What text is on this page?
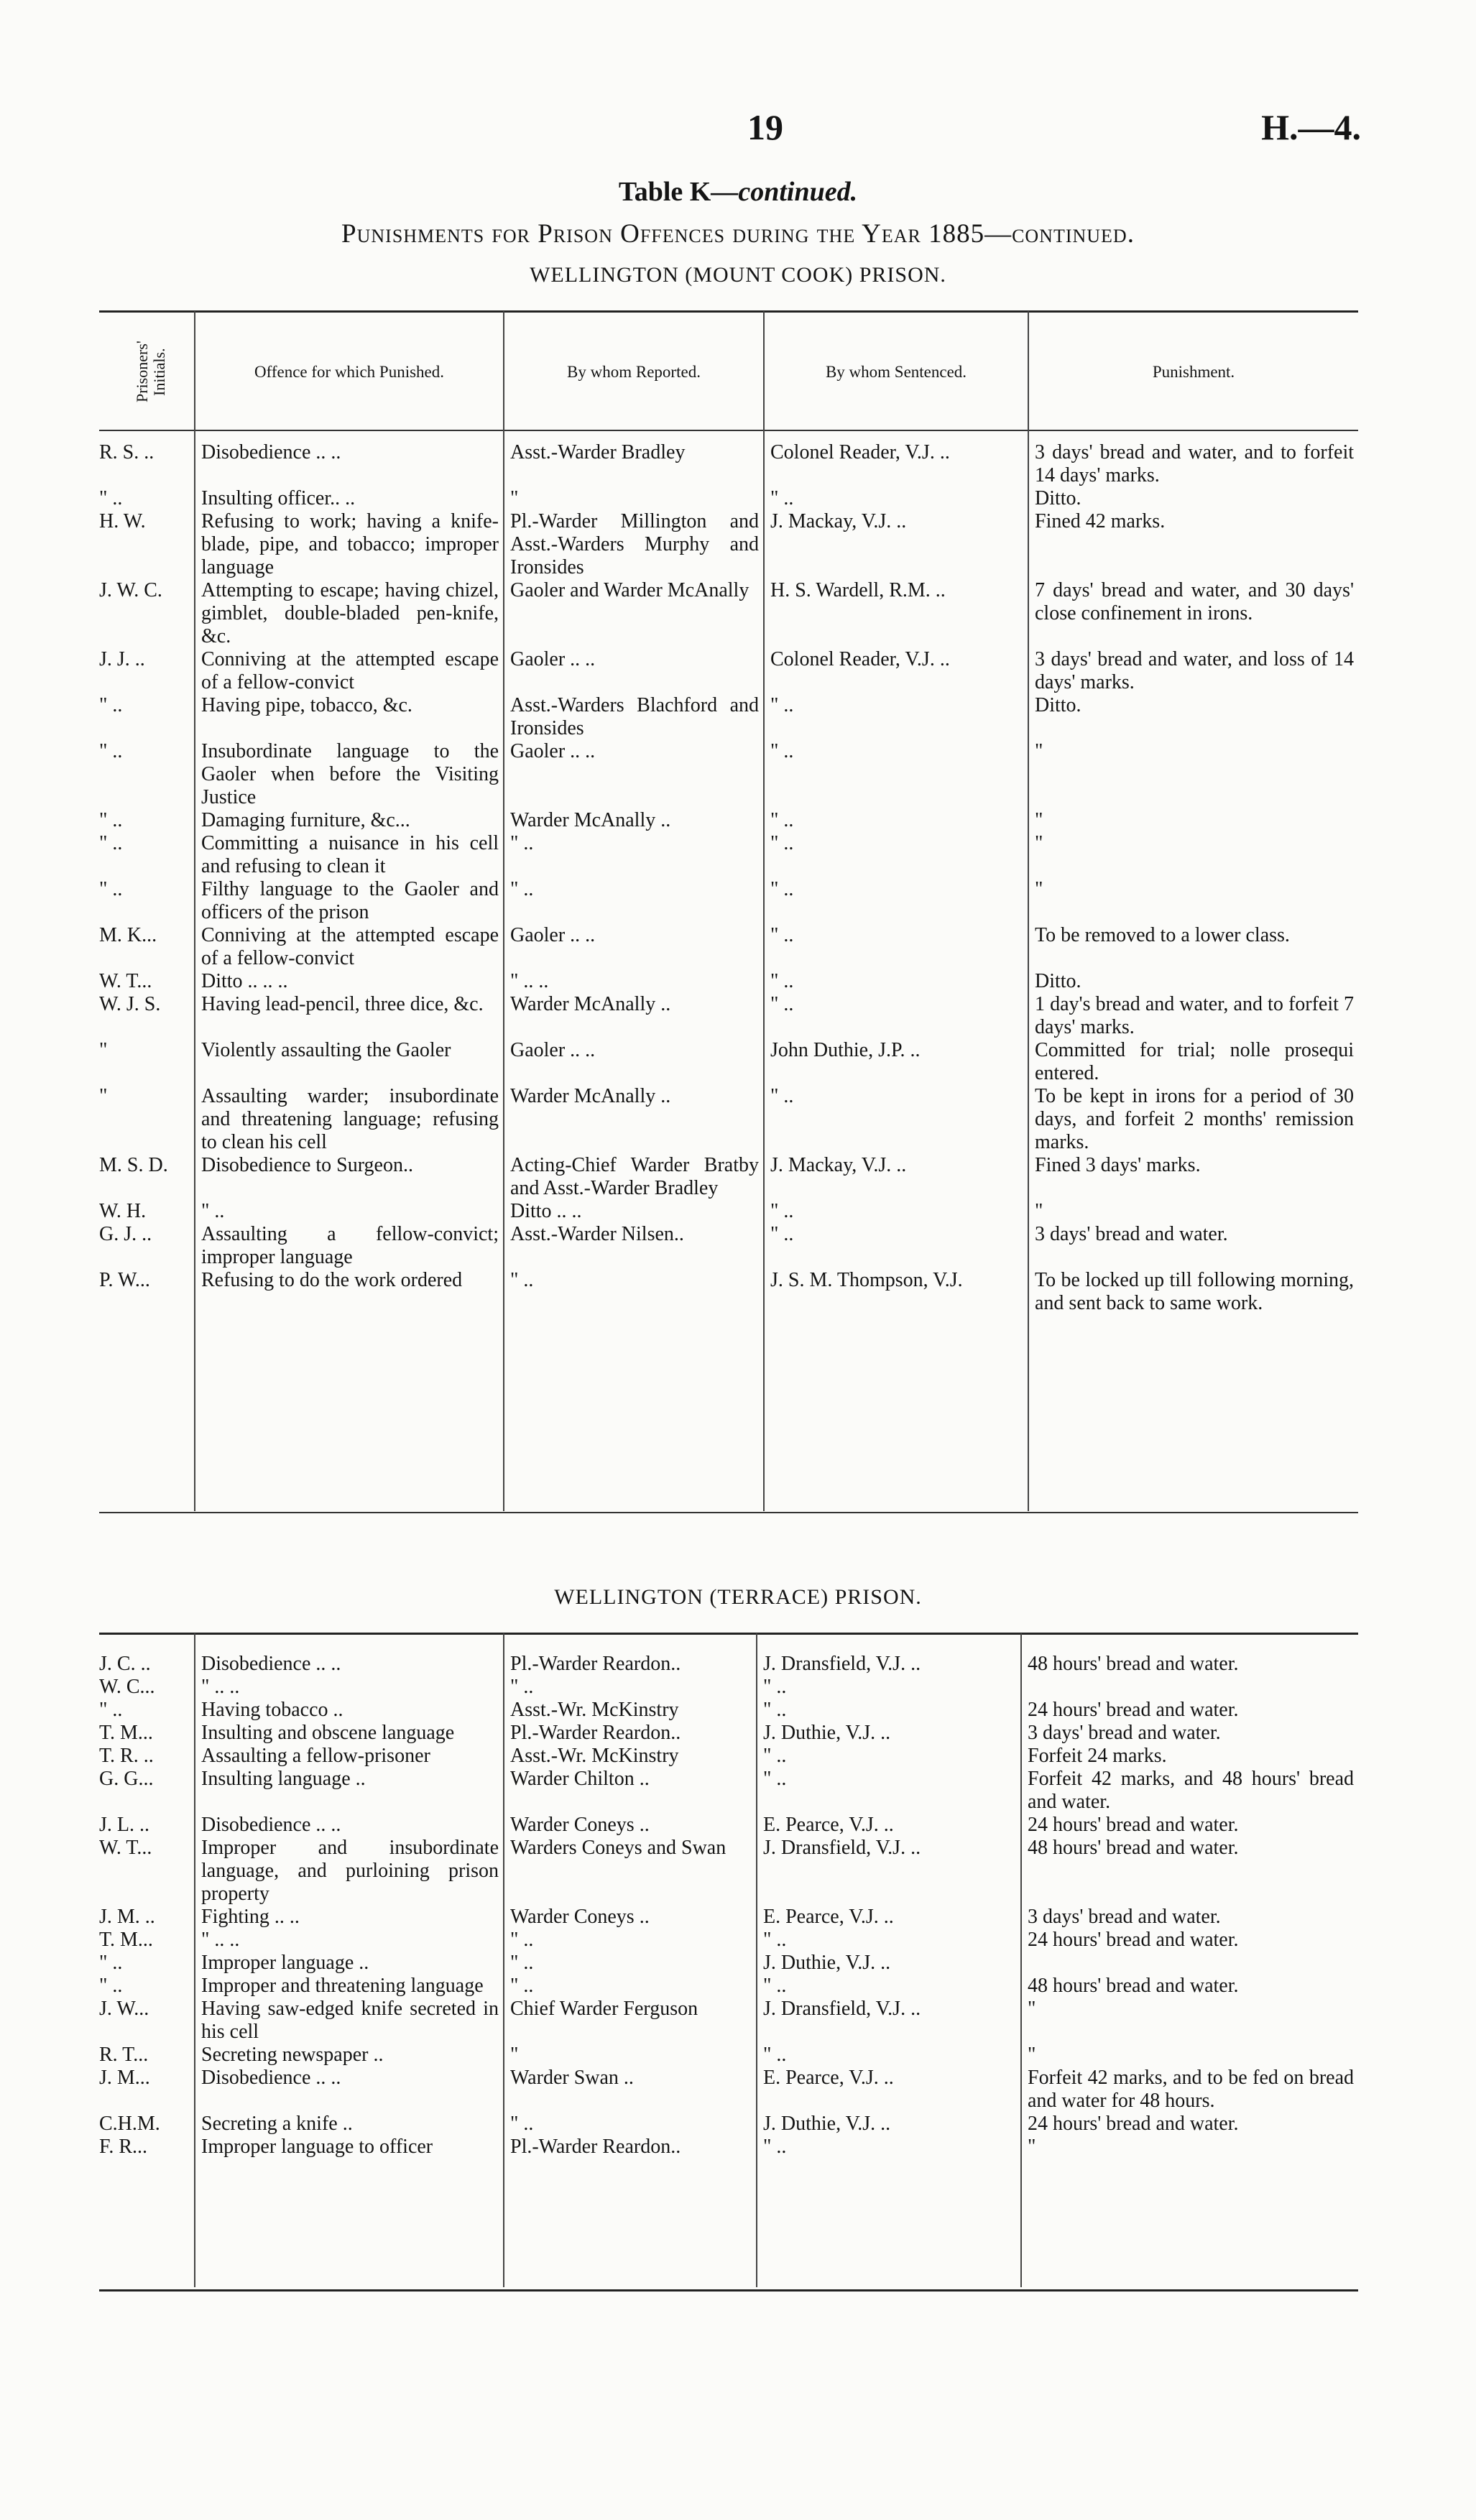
19	H.—4.
Table K—continued.
Punishments for Prison Offences during the Year 1885—continued.
WELLINGTON (MOUNT COOK) PRISON.
Prisoners' Initials.	Offence for which Punished.	By whom Reported.	By whom Sentenced.	Punishment.
R. S. ..	Disobedience .. ..	Asst.-Warder Bradley	Colonel Reader, V.J. ..	3 days' bread and water, and to forfeit 14 days' marks.
" ..	Insulting officer.. ..	"	" ..	Ditto.
H. W.	Refusing to work; having a knife-blade, pipe, and tobacco; improper language	Pl.-Warder Millington and Asst.-Warders Murphy and Ironsides	J. Mackay, V.J. ..	Fined 42 marks.
J. W. C.	Attempting to escape; having chizel, gimblet, double-bladed pen-knife, &c.	Gaoler and Warder McAnally	H. S. Wardell, R.M. ..	7 days' bread and water, and 30 days' close confinement in irons.
J. J. ..	Conniving at the attempted escape of a fellow-convict	Gaoler .. ..	Colonel Reader, V.J. ..	3 days' bread and water, and loss of 14 days' marks.
" ..	Having pipe, tobacco, &c.	Asst.-Warders Blachford and Ironsides	" ..	Ditto.
" ..	Insubordinate language to the Gaoler when before the Visiting Justice	Gaoler .. ..	" ..	"
" ..	Damaging furniture, &c...	Warder McAnally ..	" ..	"
" ..	Committing a nuisance in his cell and refusing to clean it	" ..	" ..	"
" ..	Filthy language to the Gaoler and officers of the prison	" ..	" ..	"
M. K...	Conniving at the attempted escape of a fellow-convict	Gaoler .. ..	" ..	To be removed to a lower class.
W. T...	Ditto .. .. ..	" .. ..	" ..	Ditto.
W. J. S.	Having lead-pencil, three dice, &c.	Warder McAnally ..	" ..	1 day's bread and water, and to forfeit 7 days' marks.
"	Violently assaulting the Gaoler	Gaoler .. ..	John Duthie, J.P. ..	Committed for trial; nolle prosequi entered.
"	Assaulting warder; insubordinate and threatening language; refusing to clean his cell	Warder McAnally ..	" ..	To be kept in irons for a period of 30 days, and forfeit 2 months' remission marks.
M. S. D.	Disobedience to Surgeon..	Acting-Chief Warder Bratby and Asst.-Warder Bradley	J. Mackay, V.J. ..	Fined 3 days' marks.
W. H.	" ..	Ditto .. ..	" ..	"
G. J. ..	Assaulting a fellow-convict; improper language	Asst.-Warder Nilsen..	" ..	3 days' bread and water.
P. W...	Refusing to do the work ordered	" ..	J. S. M. Thompson, V.J.	To be locked up till following morning, and sent back to same work.
WELLINGTON (TERRACE) PRISON.
J. C. ..	Disobedience .. ..	Pl.-Warder Reardon..	J. Dransfield, V.J. ..	48 hours' bread and water.
W. C...	" .. ..	" ..	" ..	
" ..	Having tobacco ..	Asst.-Wr. McKinstry	" ..	24 hours' bread and water.
T. M...	Insulting and obscene language	Pl.-Warder Reardon..	J. Duthie, V.J. ..	3 days' bread and water.
T. R. ..	Assaulting a fellow-prisoner	Asst.-Wr. McKinstry	" ..	Forfeit 24 marks.
G. G...	Insulting language ..	Warder Chilton ..	" ..	Forfeit 42 marks, and 48 hours' bread and water.
J. L. ..	Disobedience .. ..	Warder Coneys ..	E. Pearce, V.J. ..	24 hours' bread and water.
W. T...	Improper and insubordinate language, and purloining prison property	Warders Coneys and Swan	J. Dransfield, V.J. ..	48 hours' bread and water.
J. M. ..	Fighting .. ..	Warder Coneys ..	E. Pearce, V.J. ..	3 days' bread and water.
T. M...	" .. ..	" ..	" ..	24 hours' bread and water.
" ..	Improper language ..	" ..	J. Duthie, V.J. ..	
" ..	Improper and threatening language	" ..	" ..	48 hours' bread and water.
J. W...	Having saw-edged knife secreted in his cell	Chief Warder Ferguson	J. Dransfield, V.J. ..	"
R. T...	Secreting newspaper ..	"	" ..	"
J. M...	Disobedience .. ..	Warder Swan ..	E. Pearce, V.J. ..	Forfeit 42 marks, and to be fed on bread and water for 48 hours.
C.H.M.	Secreting a knife ..	" ..	J. Duthie, V.J. ..	24 hours' bread and water.
F. R...	Improper language to officer	Pl.-Warder Reardon..	" ..	"
